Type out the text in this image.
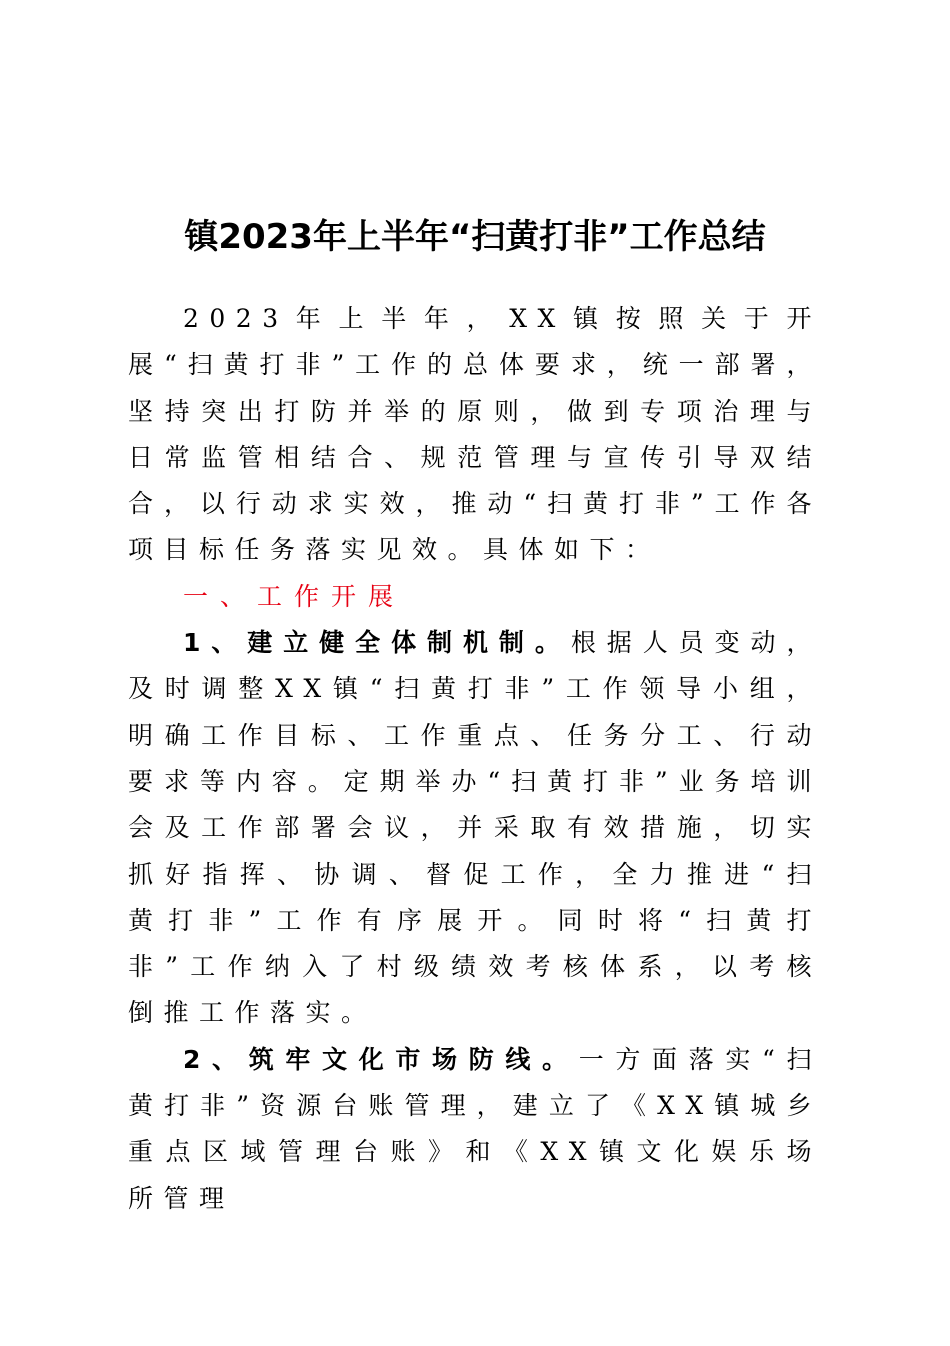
镇2023年上半年“扫黄打非”工作总结

2023年上半年，XX镇按照关于开展“扫黄打非”工作的总体要求，统一部署，坚持突出打防并举的原则，做到专项治理与日常监管相结合、规范管理与宣传引导双结合，以行动求实效，推动“扫黄打非”工作各项目标任务落实见效。具体如下：

一、工作开展

1、建立健全体制机制。根据人员变动，及时调整XX镇“扫黄打非”工作领导小组，明确工作目标、工作重点、任务分工、行动要求等内容。定期举办“扫黄打非”业务培训会及工作部署会议，并采取有效措施，切实抓好指挥、协调、督促工作，全力推进“扫黄打非”工作有序展开。同时将“扫黄打非”工作纳入了村级绩效考核体系，以考核倒推工作落实。

2、筑牢文化市场防线。一方面落实“扫黄打非”资源台账管理，建立了《XX镇城乡重点区域管理台账》和《XX镇文化娱乐场所管理
